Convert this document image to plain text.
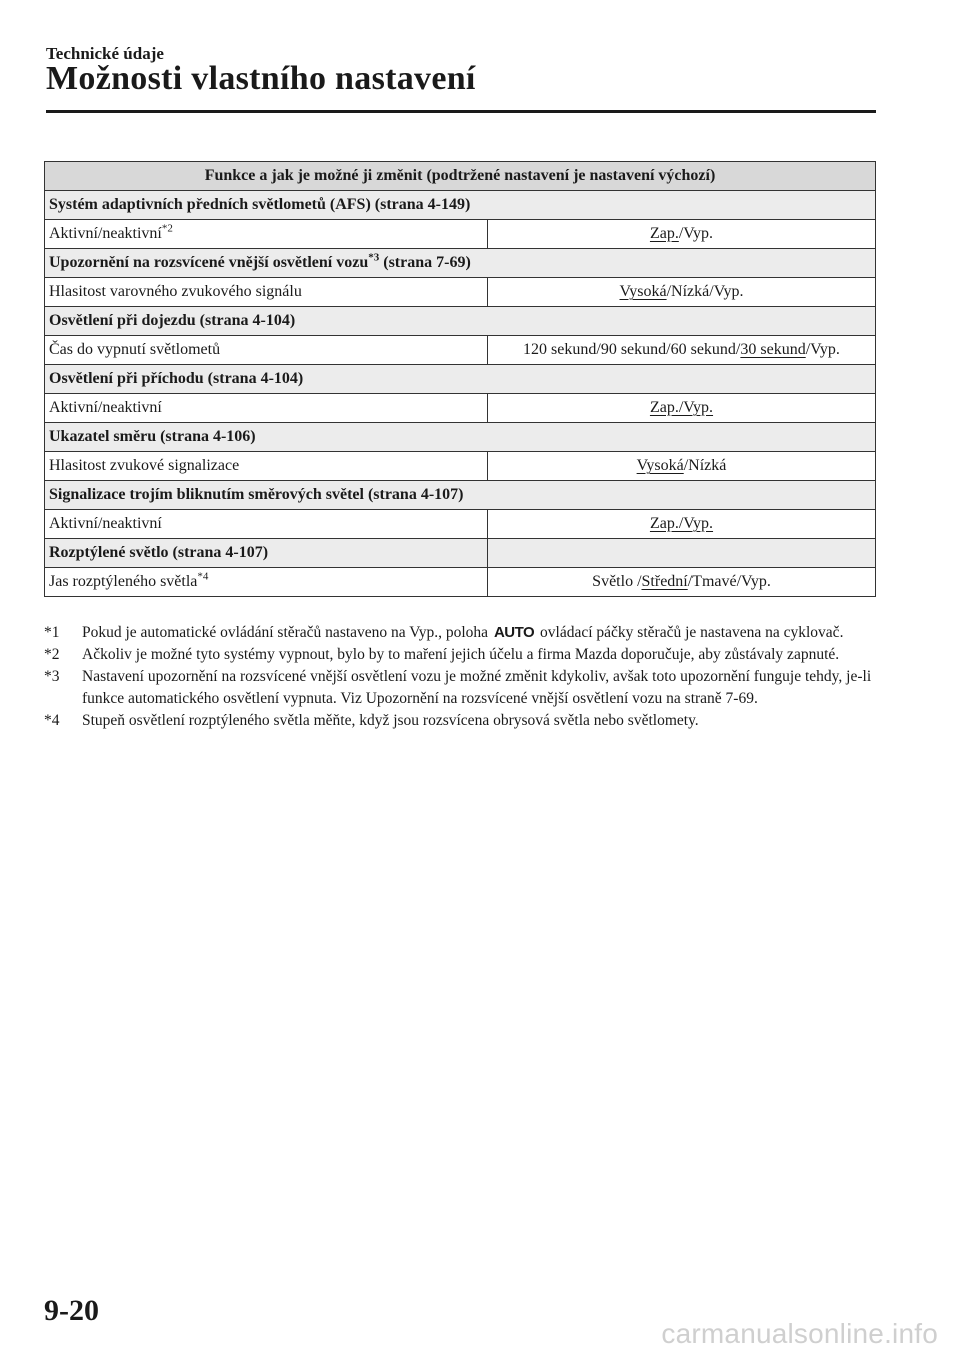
Technické údaje
Možnosti vlastního nastavení
Funkce a jak je možné ji změnit (podtržené nastavení je nastavení výchozí)	
Systém adaptivních předních světlometů (AFS) (strana 4-149)	
Aktivní/neaktivní$^{*2}$	Zap./Vyp.
Upozornění na rozsvícené vnější osvětlení vozu$^{*3}$ (strana 7-69)	
Hlasitost varovného zvukového signálu	Vysoká/Nízká/Vyp.
Osvětlení při dojezdu (strana 4-104)	
Čas do vypnutí světlometů	120 sekund/90 sekund/60 sekund/30 sekund/Vyp.
Osvětlení při příchodu (strana 4-104)	
Aktivní/neaktivní	Zap./Vyp.
Ukazatel směru (strana 4-106)	
Hlasitost zvukové signalizace	Vysoká/Nízká
Signalizace trojím bliknutím směrových světel (strana 4-107)	
Aktivní/neaktivní	Zap./Vyp.
Rozptýlené světlo (strana 4-107)	
Jas rozptýleného světla$^{*4}$	Světlo /Střední/Tmavé/Vyp.
*1 Pokud je automatické ovládání stěračů nastaveno na Vyp., poloha AUTO ovládací páčky stěračů je nastavena na cyklovač.
*2 Ačkoliv je možné tyto systémy vypnout, bylo by to maření jejich účelu a firma Mazda doporučuje, aby zůstávaly zapnuté.
*3 Nastavení upozornění na rozsvícené vnější osvětlení vozu je možné změnit kdykoliv, avšak toto upozornění funguje tehdy, je-li funkce automatického osvětlení vypnuta. Viz Upozornění na rozsvícené vnější osvětlení vozu na straně 7-69.
*4 Stupeň osvětlení rozptýleného světla měňte, když jsou rozsvícena obrysová světla nebo světlomety.
9-20
carmanualsonline.info
